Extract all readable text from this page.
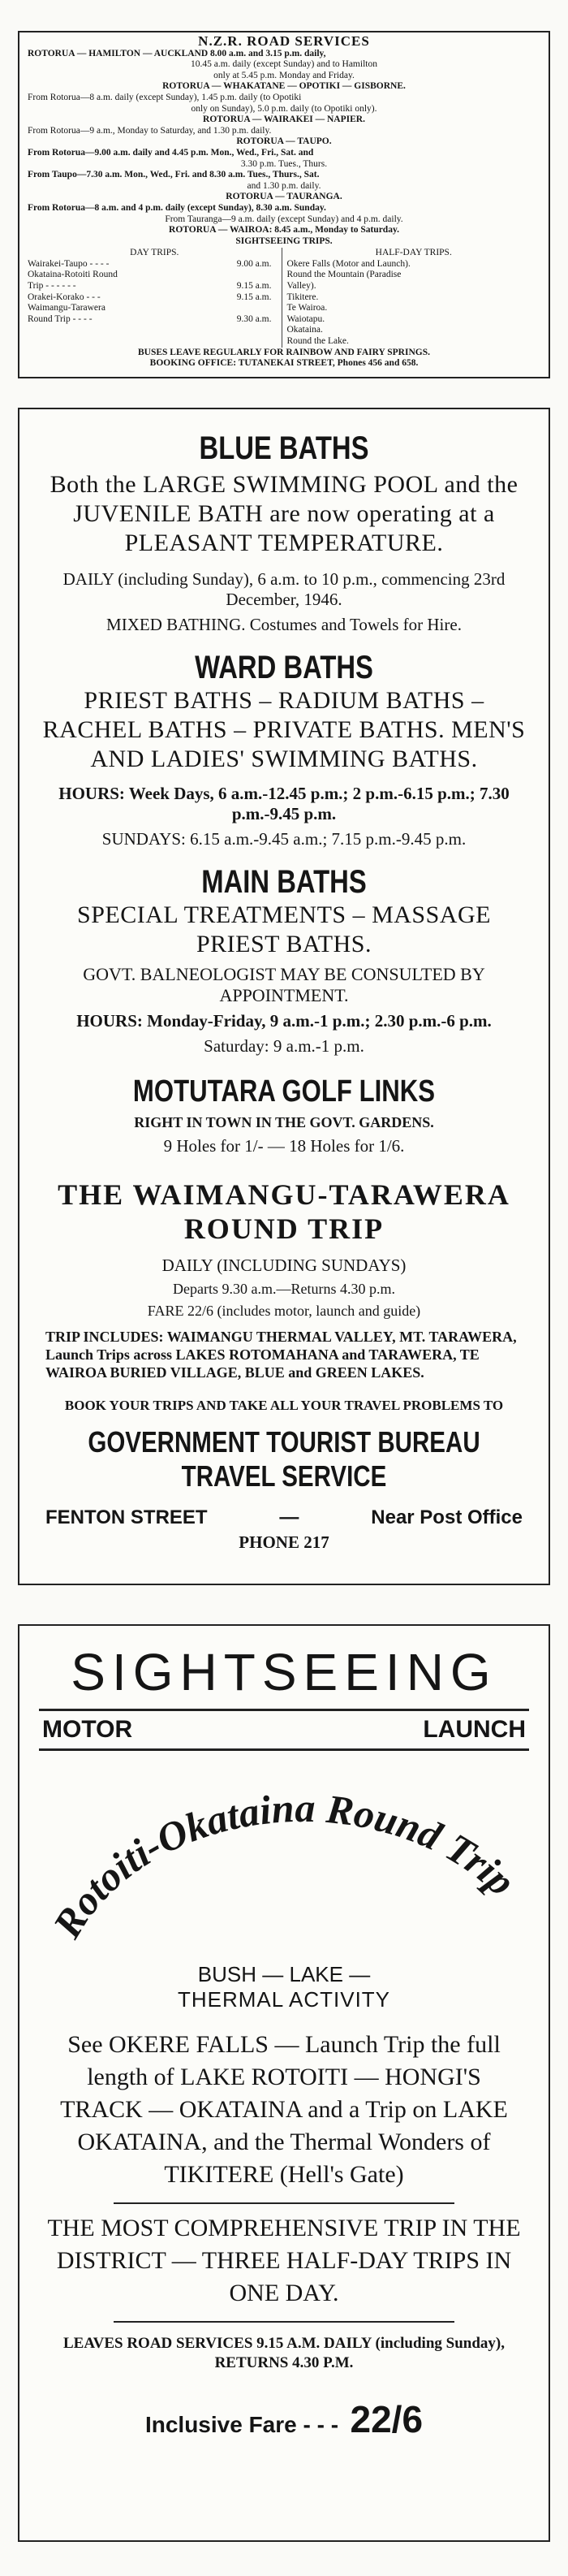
N.Z.R. ROAD SERVICES
ROTORUA — HAMILTON — AUCKLAND 8.00 a.m. and 3.15 p.m. daily,
10.45 a.m. daily (except Sunday) and to Hamilton
only at 5.45 p.m. Monday and Friday.
ROTORUA — WHAKATANE — OPOTIKI — GISBORNE.
From Rotorua—8 a.m. daily (except Sunday), 1.45 p.m. daily (to Opotiki
only on Sunday), 5.0 p.m. daily (to Opotiki only).
ROTORUA — WAIRAKEI — NAPIER.
From Rotorua—9 a.m., Monday to Saturday, and 1.30 p.m. daily.
ROTORUA — TAUPO.
From Rotorua—9.00 a.m. daily and 4.45 p.m. Mon., Wed., Fri., Sat. and
3.30 p.m. Tues., Thurs.
From Taupo—7.30 a.m. Mon., Wed., Fri. and 8.30 a.m. Tues., Thurs., Sat.
and 1.30 p.m. daily.
ROTORUA — TAURANGA.
From Rotorua—8 a.m. and 4 p.m. daily (except Sunday), 8.30 a.m. Sunday.
From Tauranga—9 a.m. daily (except Sunday) and 4 p.m. daily.
ROTORUA — WAIROA: 8.45 a.m., Monday to Saturday.
SIGHTSEEING TRIPS.
DAY TRIPS.
Wairakei-Taupo - - - -	9.00 a.m.
Okataina-Rotoiti Round
Trip - - - - - -	9.15 a.m.
Orakei-Korako - - -	9.15 a.m.
Waimangu-Tarawera
Round Trip - - - -	9.30 a.m.
HALF-DAY TRIPS.
Okere Falls (Motor and Launch).
Round the Mountain (Paradise
Valley).
Tikitere.
Te Wairoa.
Waiotapu.
Okataina.
Round the Lake.
BUSES LEAVE REGULARLY FOR RAINBOW AND FAIRY SPRINGS.
BOOKING OFFICE: TUTANEKAI STREET, Phones 456 and 658.
BLUE BATHS
Both the LARGE SWIMMING POOL and the JUVENILE BATH are now operating at a PLEASANT TEMPERATURE.
DAILY (including Sunday), 6 a.m. to 10 p.m., commencing 23rd December, 1946.
MIXED BATHING. Costumes and Towels for Hire.
WARD BATHS
PRIEST BATHS – RADIUM BATHS – RACHEL BATHS – PRIVATE BATHS. MEN'S AND LADIES' SWIMMING BATHS.
HOURS: Week Days, 6 a.m.-12.45 p.m.; 2 p.m.-6.15 p.m.; 7.30 p.m.-9.45 p.m.
SUNDAYS: 6.15 a.m.-9.45 a.m.; 7.15 p.m.-9.45 p.m.
MAIN BATHS
SPECIAL TREATMENTS – MASSAGE PRIEST BATHS.
GOVT. BALNEOLOGIST MAY BE CONSULTED BY APPOINTMENT.
HOURS: Monday-Friday, 9 a.m.-1 p.m.; 2.30 p.m.-6 p.m.
Saturday: 9 a.m.-1 p.m.
MOTUTARA GOLF LINKS
RIGHT IN TOWN IN THE GOVT. GARDENS.
9 Holes for 1/- — 18 Holes for 1/6.
THE WAIMANGU-TARAWERA
ROUND TRIP
DAILY (INCLUDING SUNDAYS)
Departs 9.30 a.m.—Returns 4.30 p.m.
FARE 22/6 (includes motor, launch and guide)
TRIP INCLUDES: WAIMANGU THERMAL VALLEY, MT. TARAWERA, Launch Trips across LAKES ROTOMAHANA and TARAWERA, TE WAIROA BURIED VILLAGE, BLUE and GREEN LAKES.
BOOK YOUR TRIPS AND TAKE ALL YOUR TRAVEL PROBLEMS TO
GOVERNMENT TOURIST BUREAU
TRAVEL SERVICE
FENTON STREET	—	Near Post Office
PHONE 217
SIGHTSEEING
MOTOR	LAUNCH
Rotoiti-Okataina Round Trip
BUSH — LAKE —
THERMAL ACTIVITY
See OKERE FALLS — Launch Trip the full length of LAKE ROTOITI — HONGI'S TRACK — OKATAINA and a Trip on LAKE OKATAINA, and the Thermal Wonders of TIKITERE (Hell's Gate)
THE MOST COMPREHENSIVE TRIP IN THE DISTRICT — THREE HALF-DAY TRIPS IN ONE DAY.
LEAVES ROAD SERVICES 9.15 A.M. DAILY (including Sunday), RETURNS 4.30 P.M.
Inclusive Fare - - - 22/6
